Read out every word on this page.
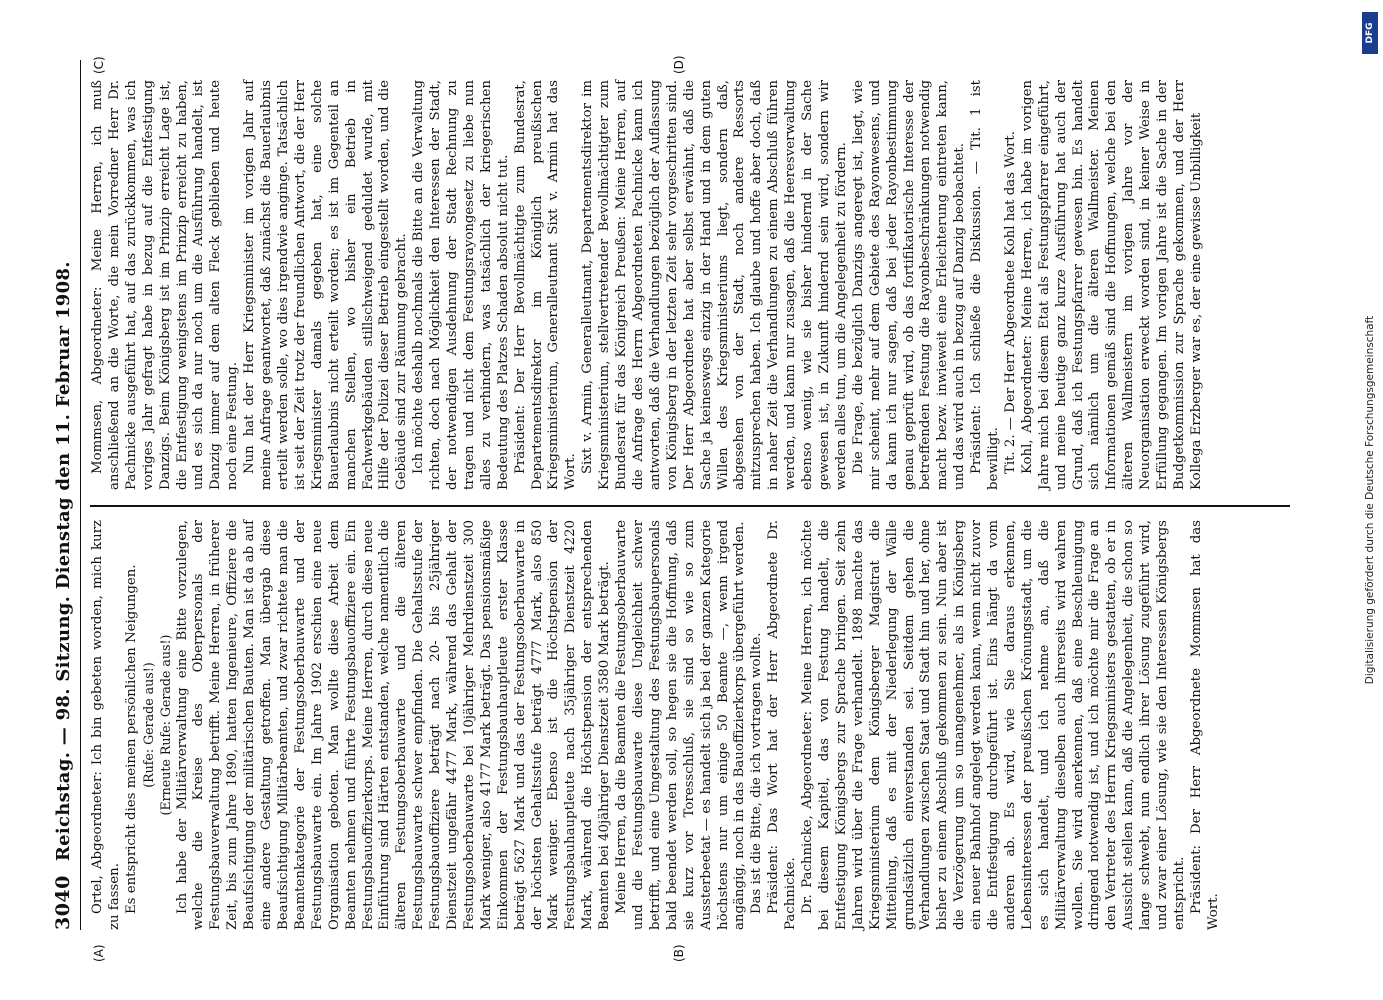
3040
Reichstag. — 98. Sitzung. Dienstag den 11. Februar 1908.
(A)	(B)
(C)	(D)

Ortel, Abgeordneter: Ich bin gebeten worden, mich kurz zu fassen. Es entspricht dies meinen persönlichen Neigungen. (Rufe: Gerade aus!) (Erneute Rufe: Gerade aus!) Ich habe der Militärverwaltung eine Bitte vorzulegen, welche die Kreise des Oberpersonals der Festungsbauverwaltung betrifft. Meine Herren, in früherer Zeit, bis zum Jahre 1890, hatten Ingenieure, Offiziere die Beaufsichtigung der militärischen Bauten. Man ist da ab auf eine andere Gestaltung getroffen. Man übergab diese Beaufsichtigung Militärbeamten, und zwar richtete man die Beamtenkategorie der Festungsoberbauwarte und der Festungsbauwarte ein. Im Jahre 1902 erschien eine neue Organisation geboten. Man wollte diese Arbeit dem Beamten nehmen und führte Festungsbauoffiziere ein. Ein Festungsbauoffizierkorps. Meine Herren, durch diese neue Einführung sind Härten entstanden, welche namentlich die älteren Festungsoberbauwarte und die älteren Festungsbauwarte schwer empfinden. Die Gehaltsstufe der Festungsbauoffiziere beträgt nach 20- bis 25jähriger Dienstzeit ungefähr 4477 Mark, während das Gehalt der Festungsoberbauwarte bei 10jähriger Mehrdienstzeit 300 Mark weniger, also 4177 Mark beträgt. Das pensionsmäßige Einkommen der Festungsbauhauptleute erster Klasse beträgt 5627 Mark und das der Festungsoberbauwarte in der höchsten Gehaltsstufe beträgt 4777 Mark, also 850 Mark weniger. Ebenso ist die Höchstpension der Festungsbauhauptleute nach 35jähriger Dienstzeit 4220 Mark, während die Höchstpension der entsprechenden Beamten bei 40jähriger Dienstzeit 3580 Mark beträgt. Meine Herren, da die Beamten die Festungsoberbauwarte und die Festungsbauwarte diese Ungleichheit schwer betrifft, und eine Umgestaltung des Festungsbaupersonals bald beendet werden soll, so hegen sie die Hoffnung, daß sie kurz vor Toresschluß, sie sind so wie so zum Aussterbeetat — es handelt sich ja bei der ganzen Kategorie höchstens nur um einige 50 Beamte —, wenn irgend angängig, noch in das Bauoffizierkorps übergeführt werden. Das ist die Bitte, die ich vortragen wollte. Präsident: Das Wort hat der Herr Abgeordnete Dr. Pachnicke. Dr. Pachnicke, Abgeordneter: Meine Herren, ich möchte bei diesem Kapitel, das von Festung handelt, die Entfestigung Königsbergs zur Sprache bringen. Seit zehn Jahren wird über die Frage verhandelt. 1898 machte das Kriegsministerium dem Königsberger Magistrat die Mitteilung, daß es mit der Niederlegung der Wälle grundsätzlich einverstanden sei. Seitdem gehen die Verhandlungen zwischen Staat und Stadt hin und her, ohne bisher zu einem Abschluß gekommen zu sein. Nun aber ist die Verzögerung um so unangenehmer, als in Königsberg ein neuer Bahnhof angelegt werden kann, wenn nicht zuvor die Entfestigung durchgeführt ist. Eins hängt da vom anderen ab. Es wird, wie Sie daraus erkennen, Lebensinteressen der preußischen Krönungsstadt, um die es sich handelt, und ich nehme an, daß die Militärverwaltung dieselben auch ihrerseits wird wahren wollen. Sie wird anerkennen, daß eine Beschleunigung dringend notwendig ist, und ich möchte mir die Frage an den Vertreter des Herrn Kriegsministers gestatten, ob er in Aussicht stellen kann, daß die Angelegenheit, die schon so lange schwebt, nun endlich ihrer Lösung zugeführt wird, und zwar einer Lösung, wie sie den Interessen Königsbergs entspricht. Präsident: Der Herr Abgeordnete Mommsen hat das Wort.

Mommsen, Abgeordneter: Meine Herren, ich muß anschließend an die Worte, die mein Vorredner Herr Dr. Pachnicke ausgeführt hat, auf das zurückkommen, was ich voriges Jahr gefragt habe in bezug auf die Entfestigung Danzigs. Beim Königsberg ist im Prinzip erreicht Lage ist, die Entfestigung wenigstens im Prinzip erreicht zu haben, und es sich da nur noch um die Ausführung handelt, ist Danzig immer auf dem alten Fleck geblieben und heute noch eine Festung. Nun hat der Herr Kriegsminister im vorigen Jahr auf meine Anfrage geantwortet, daß zunächst die Bauerlaubnis erteilt werden solle, wo dies irgendwie anginge. Tatsächlich ist seit der Zeit trotz der freundlichen Antwort, die der Herr Kriegsminister damals gegeben hat, eine solche Bauerlaubnis nicht erteilt worden; es ist im Gegenteil an manchen Stellen, wo bisher ein Betrieb in Fachwerkgebäuden stillschweigend geduldet wurde, mit Hilfe der Polizei dieser Betrieb eingestellt worden, und die Gebäude sind zur Räumung gebracht. Ich möchte deshalb nochmals die Bitte an die Verwaltung richten, doch nach Möglichkeit den Interessen der Stadt, der notwendigen Ausdehnung der Stadt Rechnung zu tragen und nicht dem Festungsrayongesetz zu liebe nun alles zu verhindern, was tatsächlich der kriegerischen Bedeutung des Platzes Schaden absolut nicht tut. Präsident: Der Herr Bevollmächtigte zum Bundesrat, Departementsdirektor im Königlich preußischen Kriegsministerium, Generalleutnant Sixt v. Armin hat das Wort. Sixt v. Armin, Generalleutnant, Departementsdirektor im Kriegsministerium, stellvertretender Bevollmächtigter zum Bundesrat für das Königreich Preußen: Meine Herren, auf die Anfrage des Herrn Abgeordneten Pachnicke kann ich antworten, daß die Verhandlungen bezüglich der Auflassung von Königsberg in der letzten Zeit sehr vorgeschritten sind. Der Herr Abgeordnete hat aber selbst erwähnt, daß die Sache ja keineswegs einzig in der Hand und in dem guten Willen des Kriegsministeriums liegt, sondern daß, abgesehen von der Stadt, noch andere Ressorts mitzusprechen haben. Ich glaube und hoffe aber doch, daß in naher Zeit die Verhandlungen zu einem Abschluß führen werden, und kann nur zusagen, daß die Heeresverwaltung ebenso wenig, wie sie bisher hindernd in der Sache gewesen ist, in Zukunft hindernd sein wird, sondern wir werden alles tun, um die Angelegenheit zu fördern. Die Frage, die bezüglich Danzigs angeregt ist, liegt, wie mir scheint, mehr auf dem Gebiete des Rayonwesens, und da kann ich nur sagen, daß bei jeder Rayonbestimmung genau geprüft wird, ob das fortifikatorische Interesse der betreffenden Festung die Rayonbeschränkungen notwendig macht bezw. inwieweit eine Erleichterung eintreten kann, und das wird auch in bezug auf Danzig beobachtet. Präsident: Ich schließe die Diskussion. — Tit. 1 ist bewilligt. Tit. 2. — Der Herr Abgeordnete Kohl hat das Wort. Kohl, Abgeordneter: Meine Herren, ich habe im vorigen Jahre mich bei diesem Etat als Festungspfarrer eingeführt, und meine heutige ganz kurze Ausführung hat auch der Grund, daß ich Festungspfarrer gewesen bin. Es handelt sich nämlich um die älteren Wallmeister. Meinen Informationen gemäß sind die Hoffnungen, welche bei den älteren Wallmeistern im vorigen Jahre vor der Neuorganisation erweckt worden sind, in keiner Weise in Erfüllung gegangen. Im vorigen Jahre ist die Sache in der Budgetkommission zur Sprache gekommen, und der Herr Kollega Erzberger war es, der eine gewisse Unbilligkeit

DFG
Digitalisierung gefördert durch die Deutsche Forschungsgemeinschaft
